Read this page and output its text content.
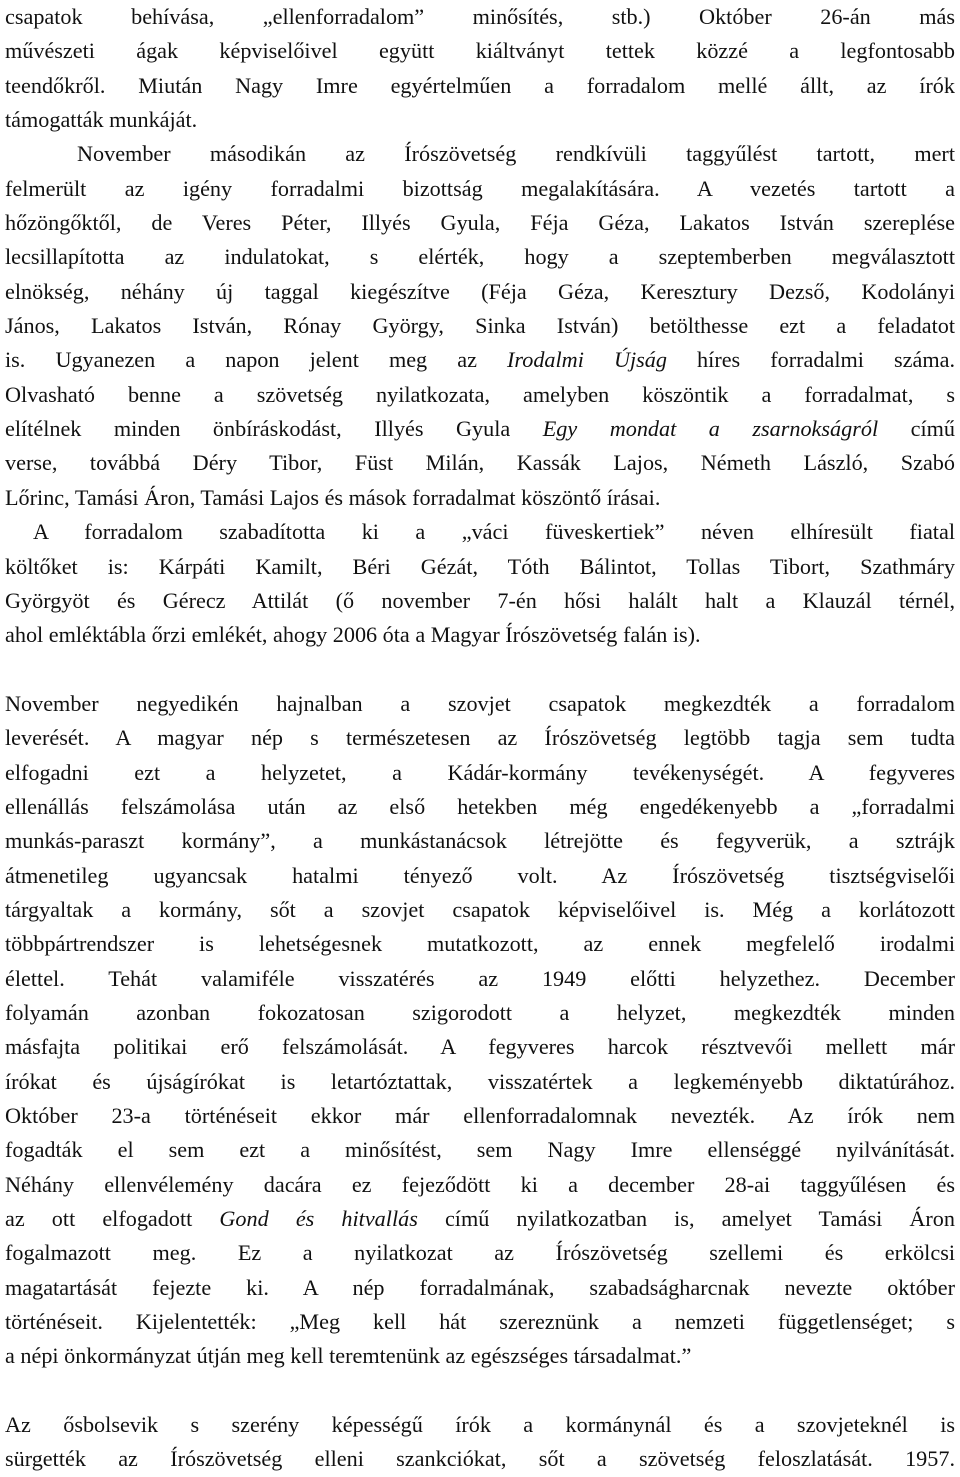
csapatok behívása, „ellenforradalom” minősítés, stb.) Október 26-án más
művészeti ágak képviselőivel együtt kiáltványt tettek közzé a legfontosabb
teendőkről. Miután Nagy Imre egyértelműen a forradalom mellé állt, az írók
támogatták munkáját.
November másodikán az Írószövetség rendkívüli taggyűlést tartott, mert
felmerült az igény forradalmi bizottság megalakítására. A vezetés tartott a
hőzöngőktől, de Veres Péter, Illyés Gyula, Féja Géza, Lakatos István szereplése
lecsillapította az indulatokat, s elérték, hogy a szeptemberben megválasztott
elnökség, néhány új taggal kiegészítve (Féja Géza, Keresztury Dezső, Kodolányi
János, Lakatos István, Rónay György, Sinka István) betölthesse ezt a feladatot
is. Ugyanezen a napon jelent meg az Irodalmi Újság híres forradalmi száma.
Olvasható benne a szövetség nyilatkozata, amelyben köszöntik a forradalmat, s
elítélnek minden önbíráskodást, Illyés Gyula Egy mondat a zsarnokságról című
verse, továbbá Déry Tibor, Füst Milán, Kassák Lajos, Németh László, Szabó
Lőrinc, Tamási Áron, Tamási Lajos és mások forradalmat köszöntő írásai.
A forradalom szabadította ki a „váci füveskertiek” néven elhíresült fiatal
költőket is: Kárpáti Kamilt, Béri Gézát, Tóth Bálintot, Tollas Tibort, Szathmáry
Györgyöt és Gérecz Attilát (ő november 7-én hősi halált halt a Klauzál térnél,
ahol emléktábla őrzi emlékét, ahogy 2006 óta a Magyar Írószövetség falán is).
November negyedikén hajnalban a szovjet csapatok megkezdték a forradalom
leverését. A magyar nép s természetesen az Írószövetség legtöbb tagja sem tudta
elfogadni ezt a helyzetet, a Kádár-kormány tevékenységét. A fegyveres
ellenállás felszámolása után az első hetekben még engedékenyebb a „forradalmi
munkás-paraszt kormány”, a munkástanácsok létrejötte és fegyverük, a sztrájk
átmenetileg ugyancsak hatalmi tényező volt. Az Írószövetség tisztségviselői
tárgyaltak a kormány, sőt a szovjet csapatok képviselőivel is. Még a korlátozott
többpártrendszer is lehetségesnek mutatkozott, az ennek megfelelő irodalmi
élettel. Tehát valamiféle visszatérés az 1949 előtti helyzethez. December
folyamán azonban fokozatosan szigorodott a helyzet, megkezdték minden
másfajta politikai erő felszámolását. A fegyveres harcok résztvevői mellett már
írókat és újságírókat is letartóztattak, visszatértek a legkeményebb diktatúrához.
Október 23-a történéseit ekkor már ellenforradalomnak nevezték. Az írók nem
fogadták el sem ezt a minősítést, sem Nagy Imre ellenséggé nyilvánítását.
Néhány ellenvélemény dacára ez fejeződött ki a december 28-ai taggyűlésen és
az ott elfogadott Gond és hitvallás című nyilatkozatban is, amelyet Tamási Áron
fogalmazott meg. Ez a nyilatkozat az Írószövetség szellemi és erkölcsi
magatartását fejezte ki. A nép forradalmának, szabadságharcnak nevezte október
történéseit. Kijelentették: „Meg kell hát szereznünk a nemzeti függetlenséget; s
a népi önkormányzat útján meg kell teremtenünk az egészséges társadalmat.”
Az ősbolsevik s szerény képességű írók a kormánynál és a szovjeteknél is
sürgették az Írószövetség elleni szankciókat, sőt a szövetség feloszlatását. 1957.
